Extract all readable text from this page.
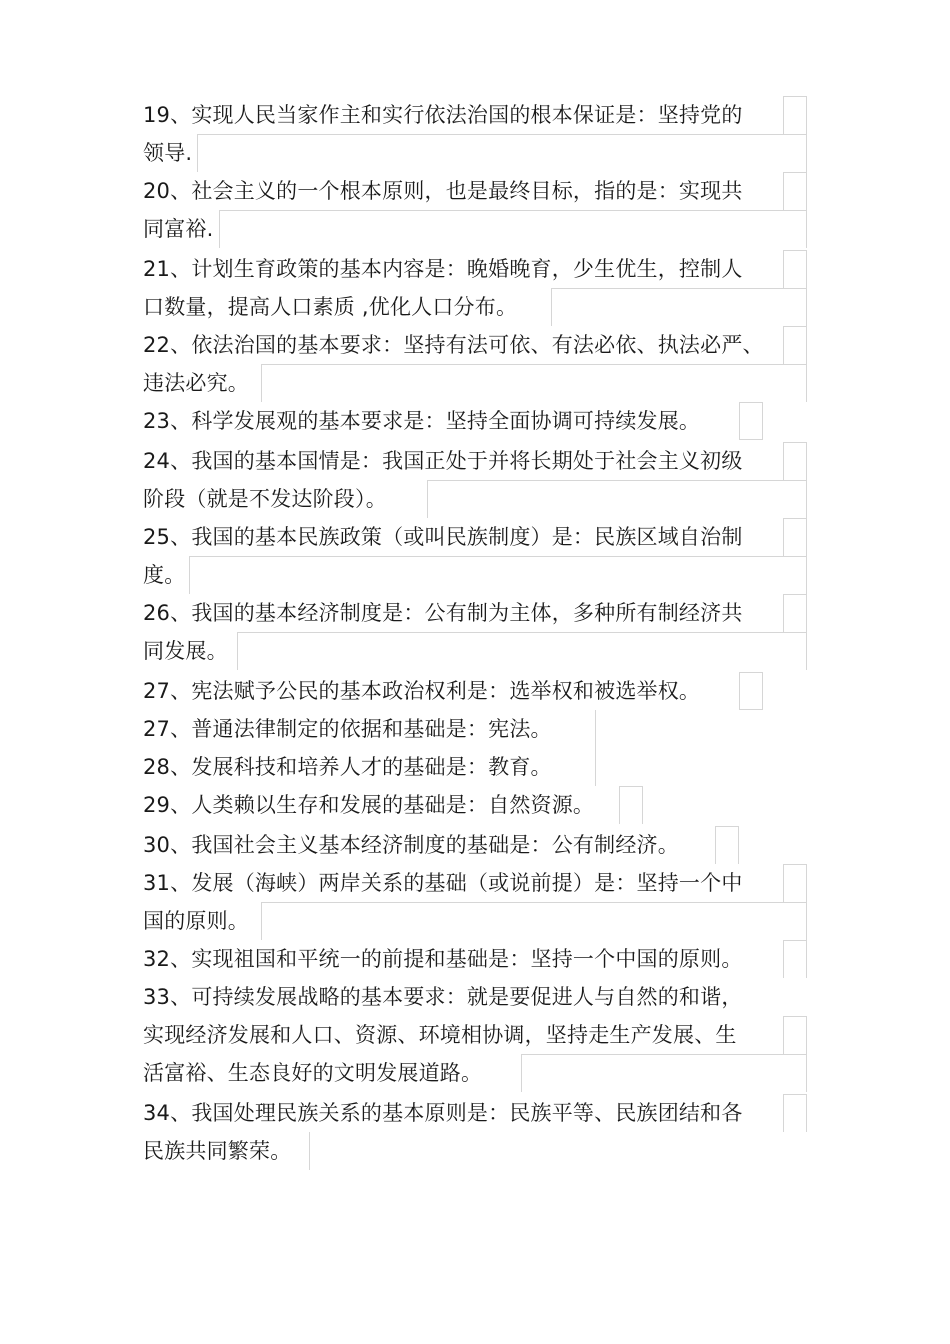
19、实现人民当家作主和实行依法治国的根本保证是：坚持党的
领导.
20、社会主义的一个根本原则，也是最终目标，指的是：实现共
同富裕.
21、计划生育政策的基本内容是：晚婚晚育，少生优生，控制人
口数量，提高人口素质 ,优化人口分布。
22、依法治国的基本要求：坚持有法可依、有法必依、执法必严、
违法必究。
23、科学发展观的基本要求是：坚持全面协调可持续发展。
24、我国的基本国情是：我国正处于并将长期处于社会主义初级
阶段（就是不发达阶段）。
25、我国的基本民族政策（或叫民族制度）是：民族区域自治制
度。
26、我国的基本经济制度是：公有制为主体，多种所有制经济共
同发展。
27、宪法赋予公民的基本政治权利是：选举权和被选举权。
27、普通法律制定的依据和基础是：宪法。
28、发展科技和培养人才的基础是：教育。
29、人类赖以生存和发展的基础是：自然资源。
30、我国社会主义基本经济制度的基础是：公有制经济。
31、发展（海峡）两岸关系的基础（或说前提）是：坚持一个中
国的原则。
32、实现祖国和平统一的前提和基础是：坚持一个中国的原则。
33、可持续发展战略的基本要求：就是要促进人与自然的和谐，
实现经济发展和人口、资源、环境相协调，坚持走生产发展、生
活富裕、生态良好的文明发展道路。
34、我国处理民族关系的基本原则是：民族平等、民族团结和各
民族共同繁荣。
